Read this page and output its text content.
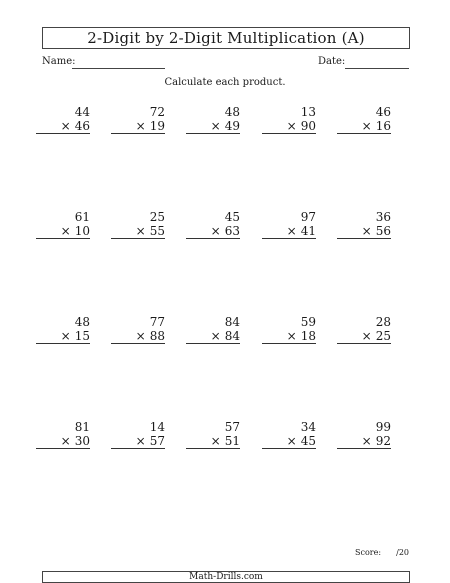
2-Digit by 2-Digit Multiplication (A)
Name:	Date:
Calculate each product.
44
× 46
72
× 19
48
× 49
13
× 90
46
× 16
61
× 10
25
× 55
45
× 63
97
× 41
36
× 56
48
× 15
77
× 88
84
× 84
59
× 18
28
× 25
81
× 30
14
× 57
57
× 51
34
× 45
99
× 92
Score: /20
Math-Drills.com
